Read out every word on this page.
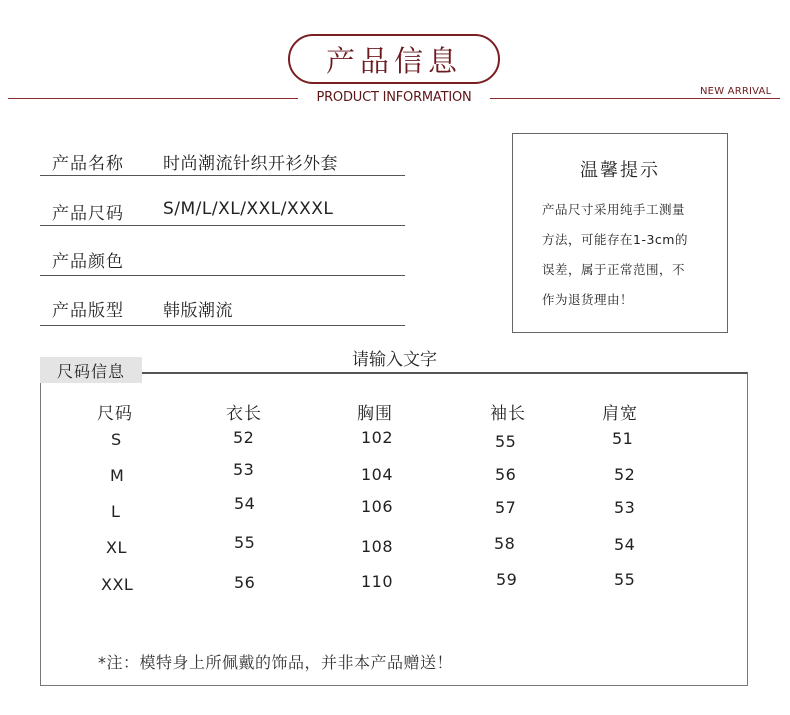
产品信息
PRODUCT INFORMATION	NEW ARRIVAL
产品名称 时尚潮流针织开衫外套
产品尺码 S/M/L/XL/XXL/XXXL
产品颜色
产品版型 韩版潮流
温馨提示
产品尺寸采用纯手工测量
方法，可能存在1-3cm的
误差，属于正常范围，不
作为退货理由！
尺码信息
请输入文字
尺码	衣长	胸围	袖长	肩宽
S	52	102	55	51
M	53	104	56	52
L	54	106	57	53
XL	55	108	58	54
XXL	56	110	59	55
*注：模特身上所佩戴的饰品，并非本产品赠送！
